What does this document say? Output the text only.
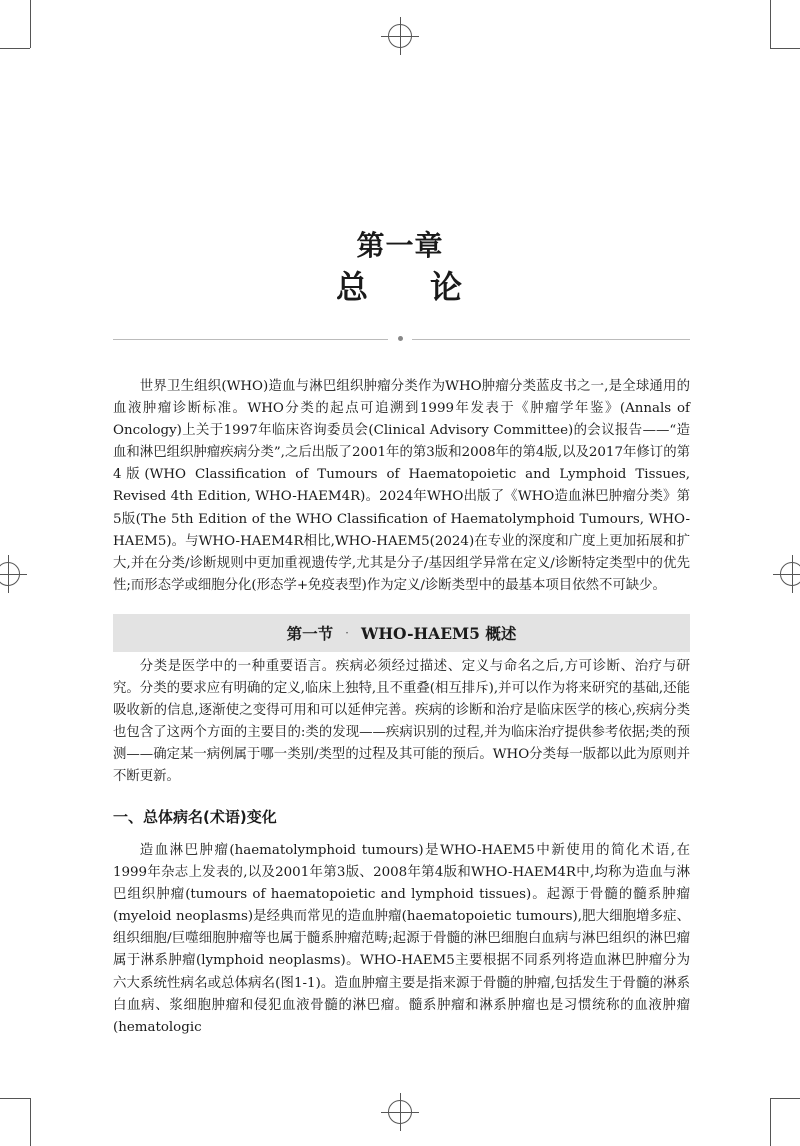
第一章
总 论

世界卫生组织(WHO)造血与淋巴组织肿瘤分类作为WHO肿瘤分类蓝皮书之一,是全球通用的血液肿瘤诊断标准。WHO分类的起点可追溯到1999年发表于《肿瘤学年鉴》(Annals of Oncology)上关于1997年临床咨询委员会(Clinical Advisory Committee)的会议报告——“造血和淋巴组织肿瘤疾病分类”,之后出版了2001年的第3版和2008年的第4版,以及2017年修订的第4版(WHO Classification of Tumours of Haematopoietic and Lymphoid Tissues, Revised 4th Edition, WHO-HAEM4R)。2024年WHO出版了《WHO造血淋巴肿瘤分类》第5版(The 5th Edition of the WHO Classification of Haematolymphoid Tumours, WHO-HAEM5)。与WHO-HAEM4R相比,WHO-HAEM5(2024)在专业的深度和广度上更加拓展和扩大,并在分类/诊断规则中更加重视遗传学,尤其是分子/基因组学异常在定义/诊断特定类型中的优先性;而形态学或细胞分化(形态学+免疫表型)作为定义/诊断类型中的最基本项目依然不可缺少。

第一节 · WHO-HAEM5 概述

分类是医学中的一种重要语言。疾病必须经过描述、定义与命名之后,方可诊断、治疗与研究。分类的要求应有明确的定义,临床上独特,且不重叠(相互排斥),并可以作为将来研究的基础,还能吸收新的信息,逐渐使之变得可用和可以延伸完善。疾病的诊断和治疗是临床医学的核心,疾病分类也包含了这两个方面的主要目的:类的发现——疾病识别的过程,并为临床治疗提供参考依据;类的预测——确定某一病例属于哪一类别/类型的过程及其可能的预后。WHO分类每一版都以此为原则并不断更新。

一、总体病名(术语)变化

造血淋巴肿瘤(haematolymphoid tumours)是WHO-HAEM5中新使用的简化术语,在1999年杂志上发表的,以及2001年第3版、2008年第4版和WHO-HAEM4R中,均称为造血与淋巴组织肿瘤(tumours of haematopoietic and lymphoid tissues)。起源于骨髓的髓系肿瘤(myeloid neoplasms)是经典而常见的造血肿瘤(haematopoietic tumours),肥大细胞增多症、组织细胞/巨噬细胞肿瘤等也属于髓系肿瘤范畴;起源于骨髓的淋巴细胞白血病与淋巴组织的淋巴瘤属于淋系肿瘤(lymphoid neoplasms)。WHO-HAEM5主要根据不同系列将造血淋巴肿瘤分为六大系统性病名或总体病名(图1-1)。造血肿瘤主要是指来源于骨髓的肿瘤,包括发生于骨髓的淋系白血病、浆细胞肿瘤和侵犯血液骨髓的淋巴瘤。髓系肿瘤和淋系肿瘤也是习惯统称的血液肿瘤(hematologic
